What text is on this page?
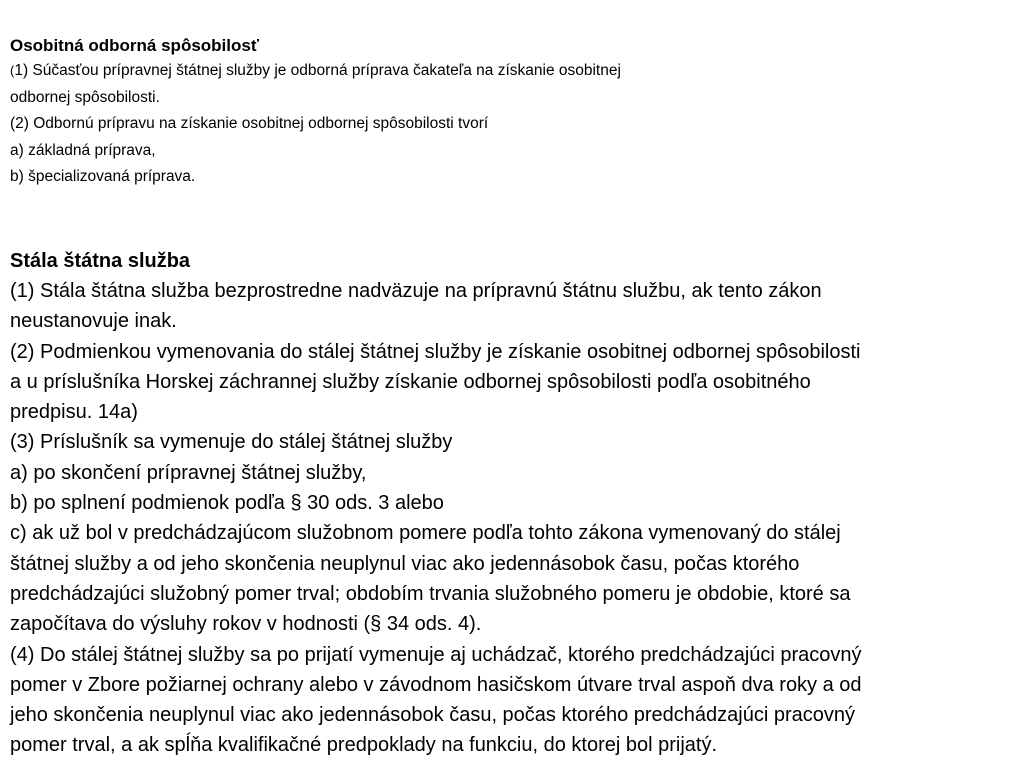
Osobitná odborná spôsobilosť

(1) Súčasťou prípravnej štátnej služby je odborná príprava čakateľa na získanie osobitnej

odbornej spôsobilosti.

(2) Odbornú prípravu na získanie osobitnej odbornej spôsobilosti tvorí

a) základná príprava,

b) špecializovaná príprava.

Stála štátna služba

(1) Stála štátna služba bezprostredne nadväzuje na prípravnú štátnu službu, ak tento zákon

neustanovuje inak.

(2) Podmienkou vymenovania do stálej štátnej služby je získanie osobitnej odbornej spôsobilosti

a u príslušníka Horskej záchrannej služby získanie odbornej spôsobilosti podľa osobitného

predpisu. 14a)

(3) Príslušník sa vymenuje do stálej štátnej služby

a) po skončení prípravnej štátnej služby,

b) po splnení podmienok podľa § 30 ods. 3 alebo

c) ak už bol v predchádzajúcom služobnom pomere podľa tohto zákona vymenovaný do stálej

štátnej služby a od jeho skončenia neuplynul viac ako jedennásobok času, počas ktorého

predchádzajúci služobný pomer trval; obdobím trvania služobného pomeru je obdobie, ktoré sa

započítava do výsluhy rokov v hodnosti (§ 34 ods. 4).

(4) Do stálej štátnej služby sa po prijatí vymenuje aj uchádzač, ktorého predchádzajúci pracovný

pomer v Zbore požiarnej ochrany alebo v závodnom hasičskom útvare trval aspoň dva roky a od

jeho skončenia neuplynul viac ako jedennásobok času, počas ktorého predchádzajúci pracovný

pomer trval, a ak spĺňa kvalifikačné predpoklady na funkciu, do ktorej bol prijatý.
